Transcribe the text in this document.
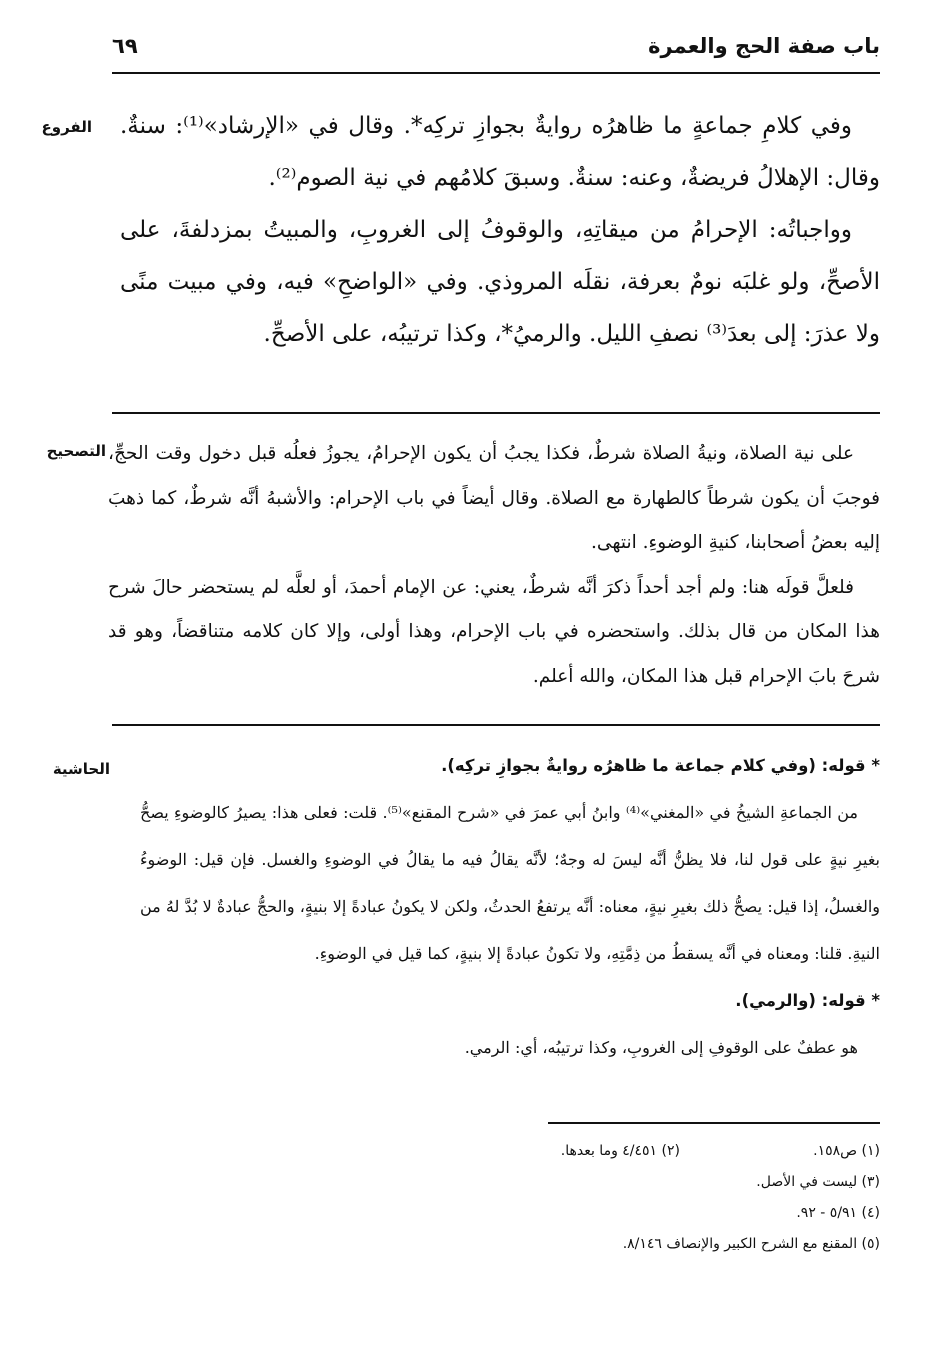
باب صفة الحج والعمرة
٦٩
الفروع وفي كلامِ جماعةٍ ما ظاهرُه روايةٌ بجوازِ تركِه*. وقال في «الإرشاد»⁽¹⁾: سنةٌ. وقال: الإهلالُ فريضةٌ، وعنه: سنةٌ. وسبقَ كلامُهم في نية الصوم⁽²⁾.

وواجباتُه: الإحرامُ من ميقاتِهِ، والوقوفُ إلى الغروبِ، والمبيتُ بمزدلفةَ، على الأصحِّ، ولو غلبَه نومٌ بعرفة، نقلَه المروذي. وفي «الواضحِ» فيه، وفي مبيت منًى ولا عذرَ: إلى بعدَ⁽³⁾ نصفِ الليل. والرميُ*، وكذا ترتيبُه، على الأصحِّ.

التصحيح على نية الصلاة، ونيةُ الصلاة شرطٌ، فكذا يجبُ أن يكون الإحرامُ، يجوزُ فعلُه قبل دخول وقت الحجِّ، فوجبَ أن يكون شرطاً كالطهارة مع الصلاة. وقال أيضاً في باب الإحرام: والأشبهُ أنَّه شرطٌ، كما ذهبَ إليه بعضُ أصحابنا، كنيةِ الوضوءِ. انتهى.

فلعلَّ قولَه هنا: ولم أجد أحداً ذكرَ أنَّه شرطٌ، يعني: عن الإمام أحمدَ، أو لعلَّه لم يستحضر حالَ شرح هذا المكان من قال بذلك. واستحضره في باب الإحرام، وهذا أولى، وإلا كان كلامه متناقضاً، وهو قد شرحَ بابَ الإحرام قبل هذا المكان، والله أعلم.

الحاشية	* قوله: (وفي كلام جماعة ما ظاهرُه روايةٌ بجوازِ تركِه).

من الجماعةِ الشيخُ في «المغني»⁽⁴⁾ وابنُ أبي عمرَ في «شرح المقنع»⁽⁵⁾. قلت: فعلى هذا: يصيرُ كالوضوءِ يصحُّ بغيرِ نيةٍ على قول لنا، فلا يظنُّ أنَّه ليسَ له وجهٌ؛ لأنَّه يقالُ فيه ما يقالُ في الوضوءِ والغسل. فإن قيل: الوضوءُ والغسلُ، إذا قيل: يصحُّ ذلك بغيرِ نيةٍ، معناه: أنَّه يرتفعُ الحدثُ، ولكن لا يكونُ عبادةً إلا بنيةٍ، والحجُّ عبادةٌ لا بُدَّ لهُ من النيةِ. قلنا: ومعناه في أنَّه يسقطُ من ذِمَّتِهِ، ولا تكونُ عبادةً إلا بنيةٍ، كما قيل في الوضوءِ.

* قوله: (والرمي).

هو عطفٌ على الوقوفِ إلى الغروبِ، وكذا ترتيبُه، أي: الرمي.

(١) ص١٥٨.
(٢) ٤/٤٥١ وما بعدها.
(٣) ليست في الأصل.
(٤) ٥/٩١ - ٩٢.
(٥) المقنع مع الشرح الكبير والإنصاف ٨/١٤٦.
